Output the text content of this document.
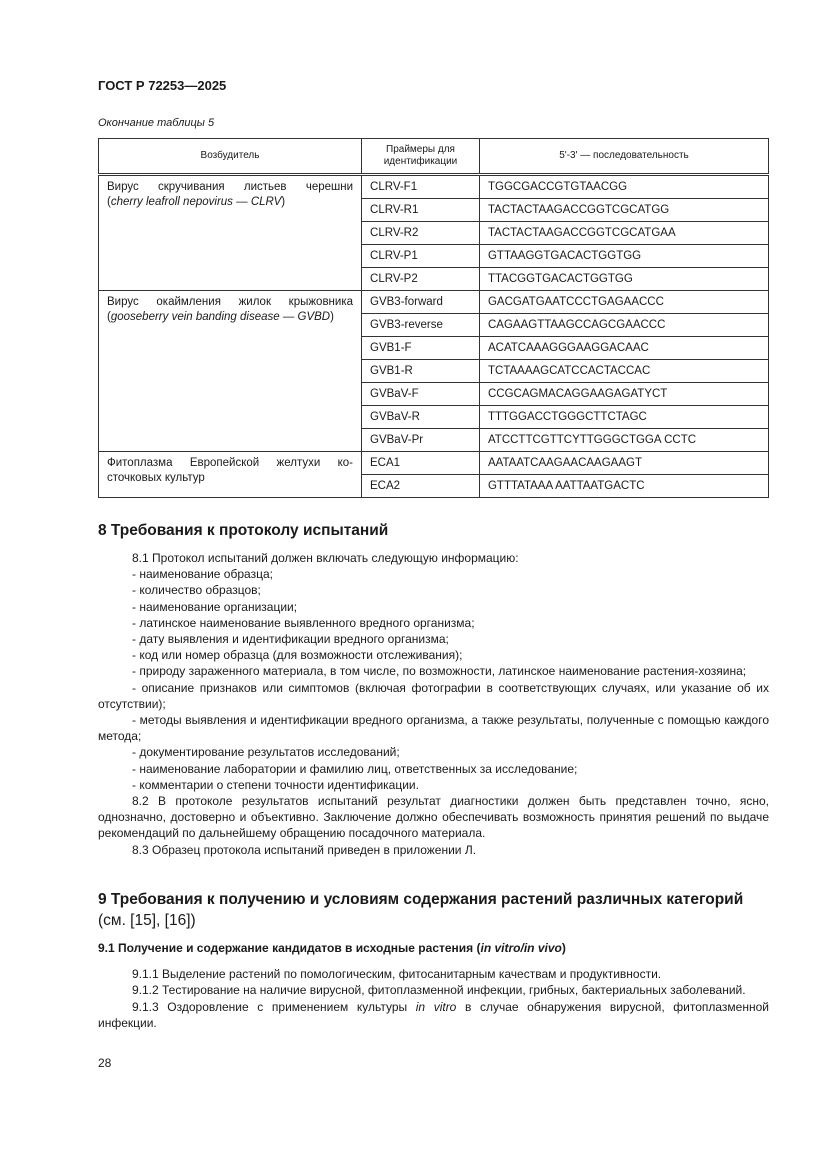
ГОСТ Р 72253—2025
Окончание таблицы 5
Возбудитель	Праймеры для идентификации	5'-3' — последовательность

Вирус скручивания листьев черешни
(cherry leafroll nepovirus — CLRV)	CLRV-F1	TGGCGACCGTGTAACGG
	CLRV-R1	TACTACTAAGACCGGTCGCATGG
	CLRV-R2	TACTACTAAGACCGGTCGCATGAA
	CLRV-P1	GTTAAGGTGACACTGGTGG
	CLRV-P2	TTACGGTGACACTGGTGG

Вирус окаймления жилок крыжовника
(gooseberry vein banding disease — GVBD)	GVB3-forward	GACGATGAATCCCTGAGAACCC
	GVB3-reverse	CAGAAGTTAAGCCAGCGAACCC
	GVB1-F	ACATCAAAGGGAAGGACAAC
	GVB1-R	TCTAAAAGCATCCACTACCAC
	GVBaV-F	CCGCAGMACAGGAAGAGATYCT
	GVBaV-R	TTTGGACCTGGGCTTCTAGC
	GVBaV-Pr	ATCCTTCGTTCYTTGGGCTGGA CCTC

Фитоплазма Европейской желтухи ко-
сточковых культур	ECA1	AATAATCAAGAACAAGAAGT
	ECA2	GTTTATAAA AATTAATGACTC
8 Требования к протоколу испытаний

8.1 Протокол испытаний должен включать следующую информацию:

- наименование образца;

- количество образцов;

- наименование организации;

- латинское наименование выявленного вредного организма;

- дату выявления и идентификации вредного организма;

- код или номер образца (для возможности отслеживания);

- природу зараженного материала, в том числе, по возможности, латинское наименование растения-хозяина;

- описание признаков или симптомов (включая фотографии в соответствующих случаях, или указание об их отсутствии);

- методы выявления и идентификации вредного организма, а также результаты, полученные с помощью каждого метода;

- документирование результатов исследований;

- наименование лаборатории и фамилию лиц, ответственных за исследование;

- комментарии о степени точности идентификации.

8.2 В протоколе результатов испытаний результат диагностики должен быть представлен точно, ясно, однозначно, достоверно и объективно. Заключение должно обеспечивать возможность принятия решений по выдаче рекомендаций по дальнейшему обращению посадочного материала.

8.3 Образец протокола испытаний приведен в приложении Л.

9 Требования к получению и условиям содержания растений различных категорий (см. [15], [16])
9.1 Получение и содержание кандидатов в исходные растения (in vitro/in vivo)

9.1.1 Выделение растений по помологическим, фитосанитарным качествам и продуктивности.

9.1.2 Тестирование на наличие вирусной, фитоплазменной инфекции, грибных, бактериальных заболеваний.

9.1.3 Оздоровление с применением культуры in vitro в случае обнаружения вирусной, фитоплазменной инфекции.

28
